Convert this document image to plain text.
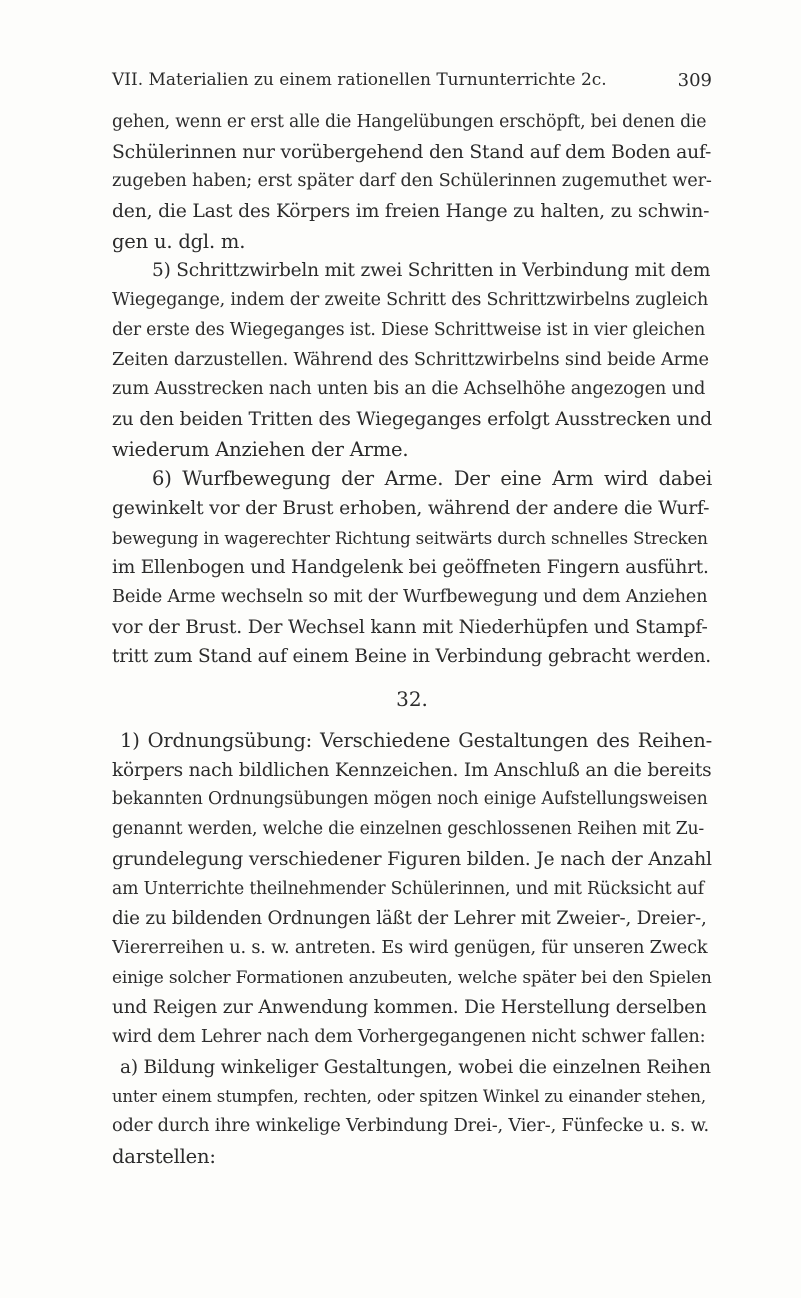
VII. Materialien zu einem rationellen Turnunterrichte 2c.	309
gehen, wenn er erst alle die Hangelübungen erschöpft, bei denen die
Schülerinnen nur vorübergehend den Stand auf dem Boden auf-
zugeben haben; erst später darf den Schülerinnen zugemuthet wer-
den, die Last des Körpers im freien Hange zu halten, zu schwin-
gen u. dgl. m.
5) Schrittzwirbeln mit zwei Schritten in Verbindung mit dem
Wiegegange, indem der zweite Schritt des Schrittzwirbelns zugleich
der erste des Wiegeganges ist. Diese Schrittweise ist in vier gleichen
Zeiten darzustellen. Während des Schrittzwirbelns sind beide Arme
zum Ausstrecken nach unten bis an die Achselhöhe angezogen und
zu den beiden Tritten des Wiegeganges erfolgt Ausstrecken und
wiederum Anziehen der Arme.
6) Wurfbewegung der Arme. Der eine Arm wird dabei
gewinkelt vor der Brust erhoben, während der andere die Wurf-
bewegung in wagerechter Richtung seitwärts durch schnelles Strecken
im Ellenbogen und Handgelenk bei geöffneten Fingern ausführt.
Beide Arme wechseln so mit der Wurfbewegung und dem Anziehen
vor der Brust. Der Wechsel kann mit Niederhüpfen und Stampf-
tritt zum Stand auf einem Beine in Verbindung gebracht werden.
32.
1) Ordnungsübung: Verschiedene Gestaltungen des Reihen-
körpers nach bildlichen Kennzeichen. Im Anschluß an die bereits
bekannten Ordnungsübungen mögen noch einige Aufstellungsweisen
genannt werden, welche die einzelnen geschlossenen Reihen mit Zu-
grundelegung verschiedener Figuren bilden. Je nach der Anzahl
am Unterrichte theilnehmender Schülerinnen, und mit Rücksicht auf
die zu bildenden Ordnungen läßt der Lehrer mit Zweier-, Dreier-,
Viererreihen u. s. w. antreten. Es wird genügen, für unseren Zweck
einige solcher Formationen anzubeuten, welche später bei den Spielen
und Reigen zur Anwendung kommen. Die Herstellung derselben
wird dem Lehrer nach dem Vorhergegangenen nicht schwer fallen:
a) Bildung winkeliger Gestaltungen, wobei die einzelnen Reihen
unter einem stumpfen, rechten, oder spitzen Winkel zu einander stehen,
oder durch ihre winkelige Verbindung Drei-, Vier-, Fünfecke u. s. w.
darstellen:
